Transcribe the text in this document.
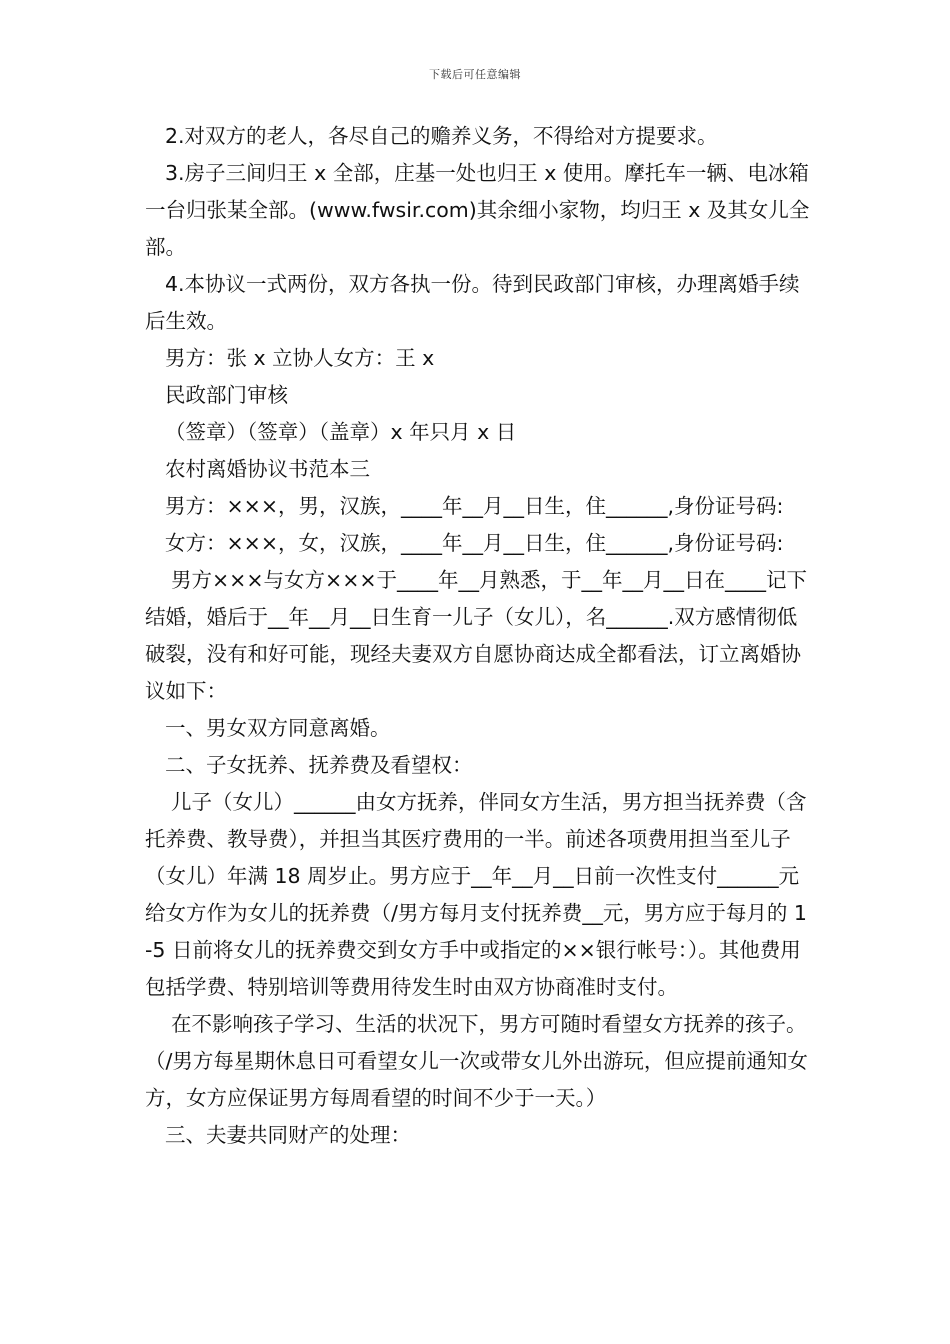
下载后可任意编辑

2.对双方的老人，各尽自己的赡养义务，不得给对方提要求。

3.房子三间归王 x 全部，庄基一处也归王 x 使用。摩托车一辆、电冰箱一台归张某全部。(www.fwsir.com)其余细小家物，均归王 x 及其女儿全部。

4.本协议一式两份，双方各执一份。待到民政部门审核，办理离婚手续后生效。

男方：张 x 立协人女方：王 x

民政部门审核

（签章）（签章）（盖章）x 年只月 x 日

农村离婚协议书范本三

男方：×××，男，汉族，____年__月__日生，住______,身份证号码:

女方：×××，女，汉族，____年__月__日生，住______,身份证号码:

男方×××与女方×××于____年__月熟悉，于__年__月__日在____记下结婚，婚后于__年__月__日生育一儿子（女儿），名______.双方感情彻低破裂，没有和好可能，现经夫妻双方自愿协商达成全都看法，订立离婚协议如下：

一、男女双方同意离婚。

二、子女抚养、抚养费及看望权：

儿子（女儿）______由女方抚养，伴同女方生活，男方担当抚养费（含托养费、教导费），并担当其医疗费用的一半。前述各项费用担当至儿子（女儿）年满 18 周岁止。男方应于__年__月__日前一次性支付______元给女方作为女儿的抚养费（/男方每月支付抚养费__元，男方应于每月的 1-5 日前将女儿的抚养费交到女方手中或指定的××银行帐号：）。其他费用包括学费、特别培训等费用待发生时由双方协商准时支付。

在不影响孩子学习、生活的状况下，男方可随时看望女方抚养的孩子。（/男方每星期休息日可看望女儿一次或带女儿外出游玩，但应提前通知女方，女方应保证男方每周看望的时间不少于一天。）

三、夫妻共同财产的处理：
